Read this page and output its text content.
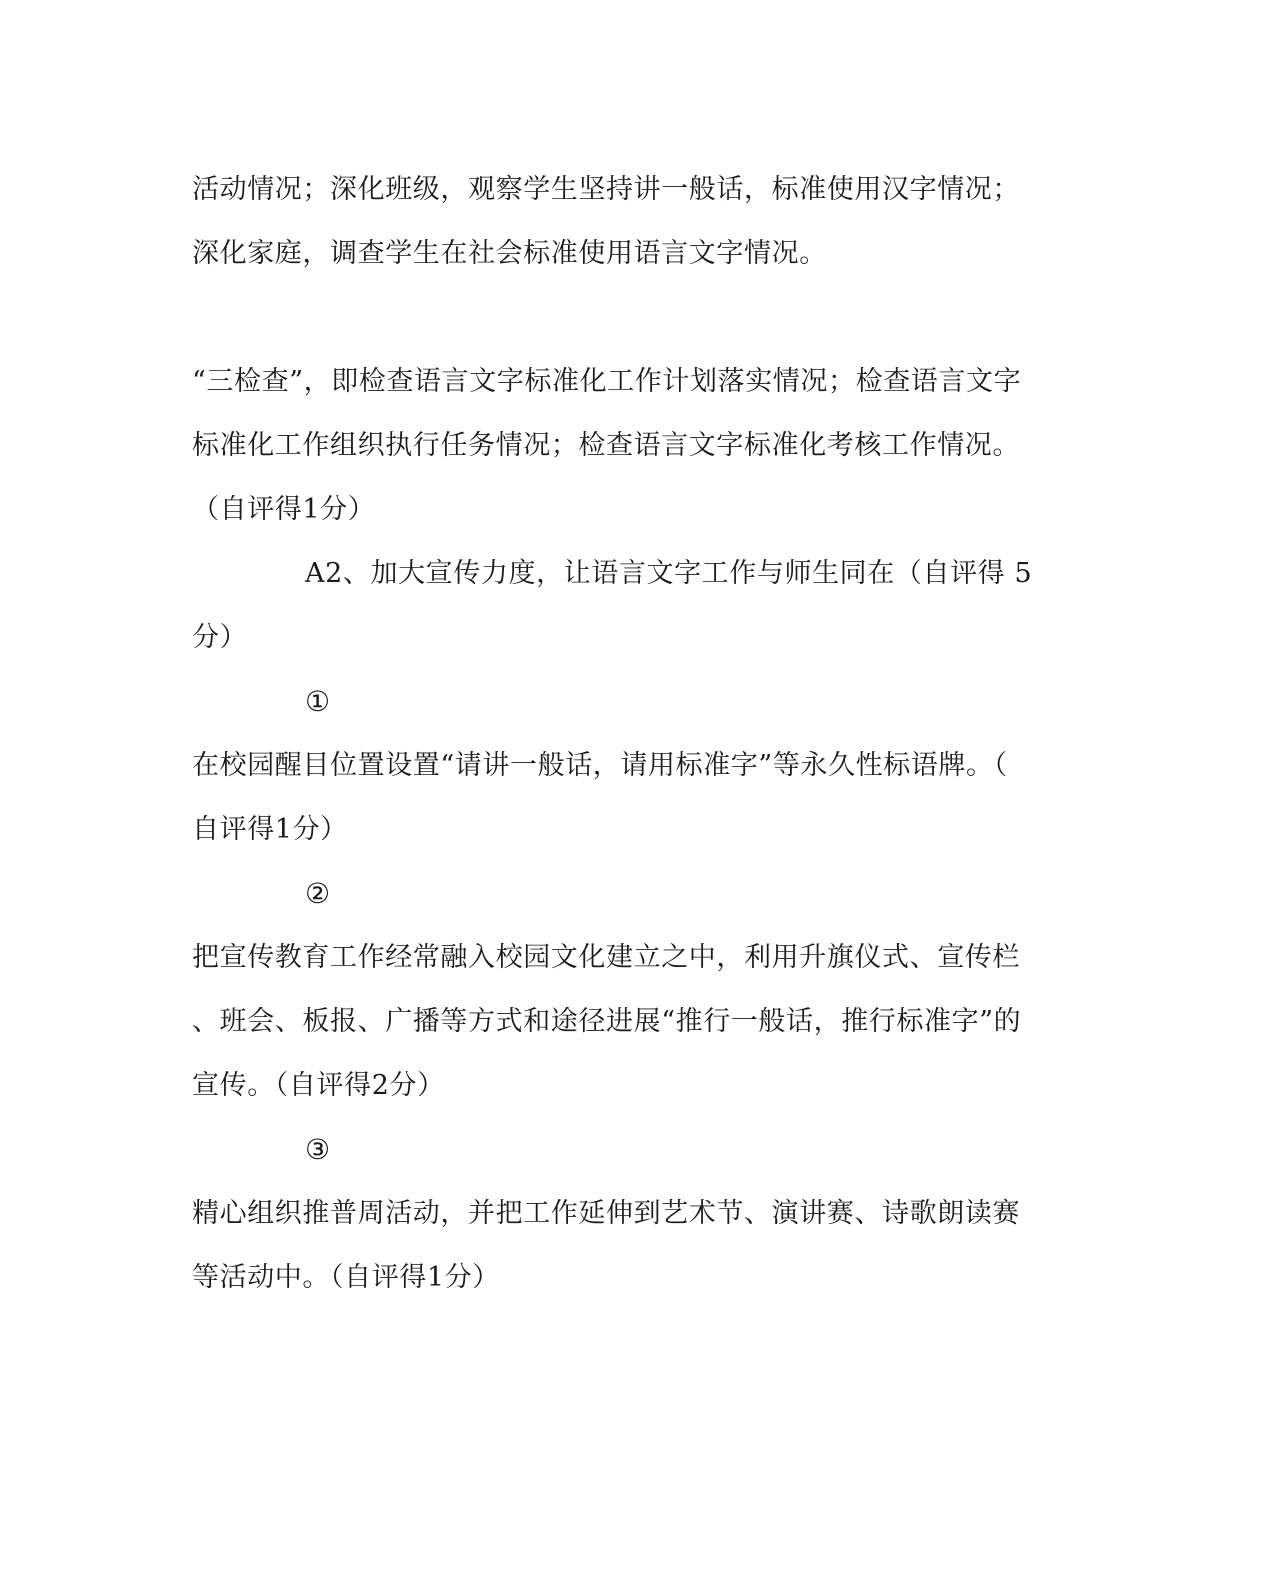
活动情况；深化班级，观察学生坚持讲一般话，标准使用汉字情况；
深化家庭，调查学生在社会标准使用语言文字情况。
“三检查”，即检查语言文字标准化工作计划落实情况；检查语言文字
标准化工作组织执行任务情况；检查语言文字标准化考核工作情况。
（自评得1分）
A2、加大宣传力度，让语言文字工作与师生同在（自评得 5
分）
①
在校园醒目位置设置“请讲一般话，请用标准字”等永久性标语牌。（
自评得1分）
②
把宣传教育工作经常融入校园文化建立之中，利用升旗仪式、宣传栏
、班会、板报、广播等方式和途径进展“推行一般话，推行标准字”的
宣传。（自评得2分）
③
精心组织推普周活动，并把工作延伸到艺术节、演讲赛、诗歌朗读赛
等活动中。（自评得1分）
